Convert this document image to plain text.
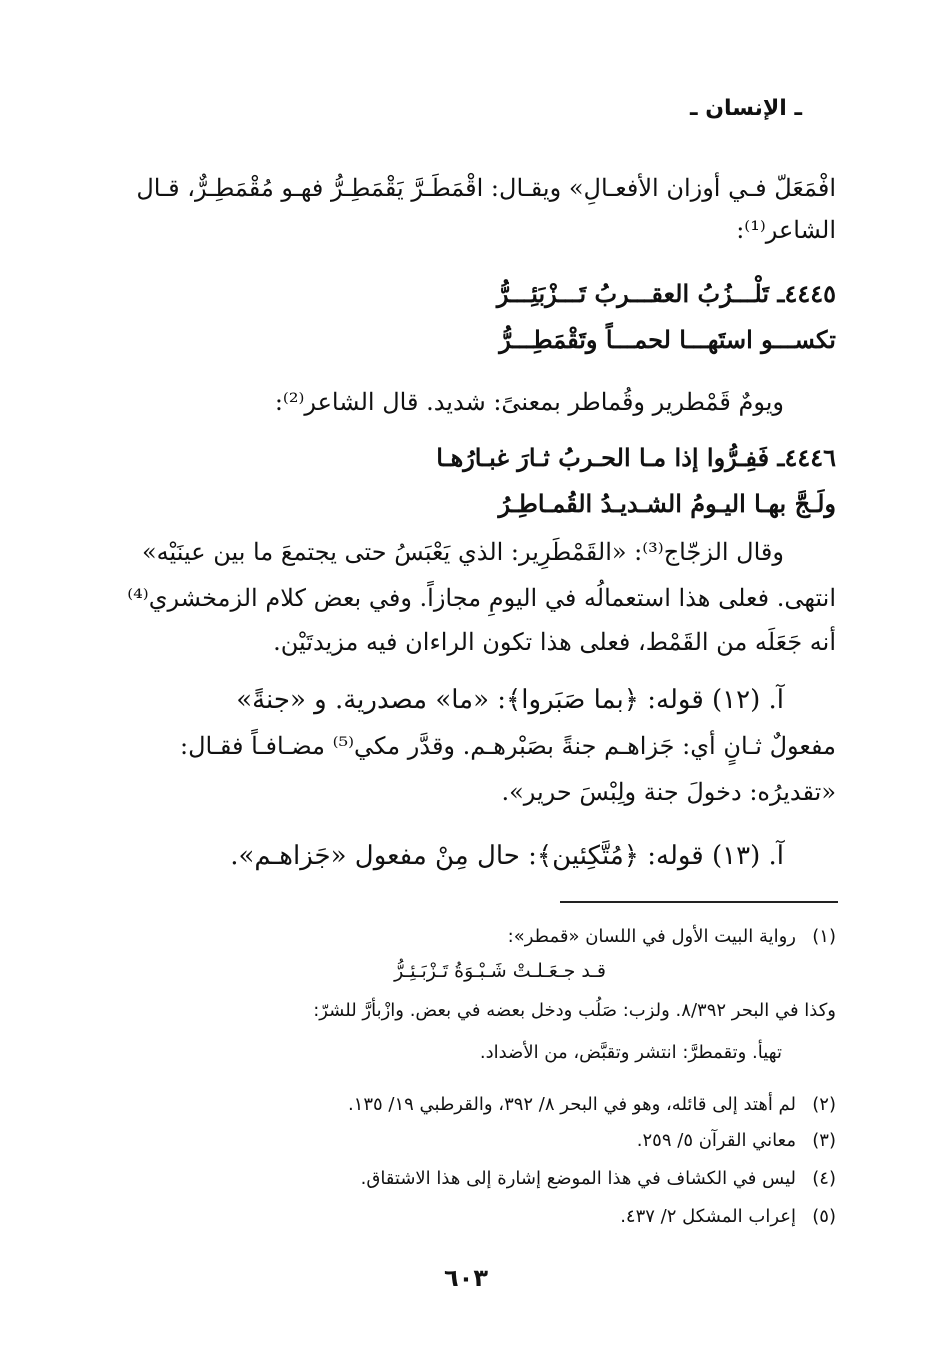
ـ الإنسان ـ
افْمَعَلّ فـي أوزان الأفعـالِ» ويقـال: اقْمَطَـرَّ يَقْمَطِـرُّ فهـو مُقْمَطِـرٌّ، قـال
الشاعر⁽¹⁾:
٤٤٤٥ـ تَلْـــزُبُ العقـــربُ تَـــزْبَئِـــرُّ
تكســـو استَهـــا لحمـــاً وتَقْمَطِـــرُّ
ويومٌ قَمْطرير وقُماطر بمعنىً: شديد. قال الشاعر⁽²⁾:
٤٤٤٦ـ فَفِـرُّوا إذا مـا الحـربُ ثـارَ غبـارُهـا
ولَـجَّ بهـا اليـومُ الشـديـدُ القُمـاطِـرُ
وقال الزجّاج⁽³⁾: «القَمْطَرِير: الذي يَعْبَسُ حتى يجتمعَ ما بين عينَيْه»
انتهى. فعلى هذا استعمالُه في اليومِ مجازاً. وفي بعض كلام الزمخشري⁽⁴⁾
أنه جَعَلَه من القَمْط، فعلى هذا تكون الراءان فيه مزيدتَيْن.
آ. (١٢) قوله: ﴿بما صَبَروا﴾: «ما» مصدرية. و «جنةً»
مفعولٌ ثـانٍ أي: جَزاهـم جنةً بصَبْرهـم. وقدَّر مكي⁽⁵⁾ مضـافـاً فقـال:
«تقديرُه: دخولَ جنة ولِبْسَ حرير».
آ. (١٣) قوله: ﴿مُتَّكِئين﴾: حال مِنْ مفعول «جَزاهـم».
(١)رواية البيت الأول في اللسان «قمطر»:
قـد جـعَـلـتْ شَـبْـوَةُ تَـزْبَـئِـرُّ
وكذا في البحر ٨/٣٩٢. ولزب: صَلُب ودخل بعضه في بعض. وازْبأرَّ للشرّ:
تهيأ. وتقمطرَّ: انتشر وتقبَّض، من الأضداد.
(٢)لم أهتد إلى قائله، وهو في البحر ٨/ ٣٩٢، والقرطبي ١٩/ ١٣٥.
(٣)معاني القرآن ٥/ ٢٥٩.
(٤)ليس في الكشاف في هذا الموضع إشارة إلى هذا الاشتقاق.
(٥)إعراب المشكل ٢/ ٤٣٧.
٦٠٣
